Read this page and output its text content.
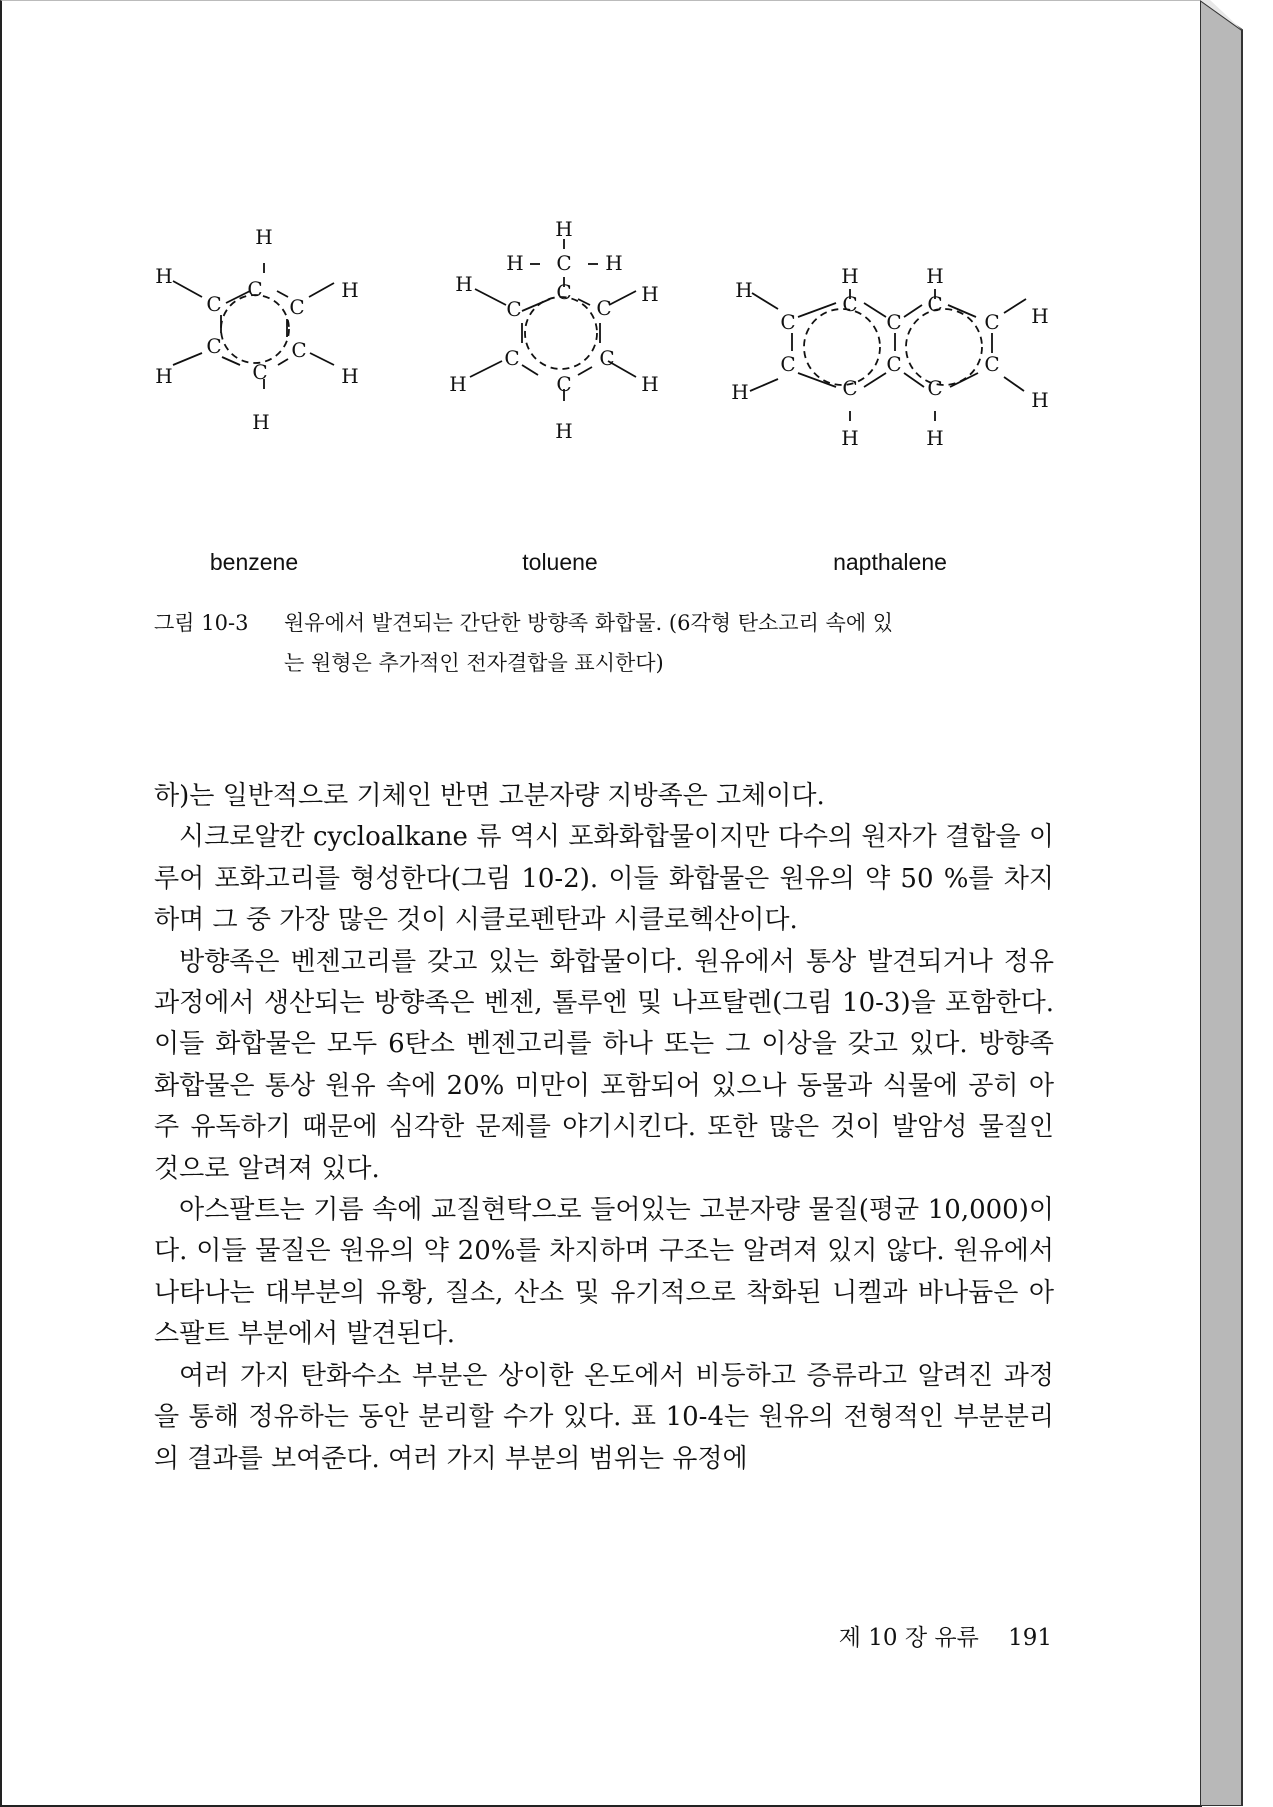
H
H
C
C	C
H
C	C
H	C	H
H
H
H C H
H	C
C	C
H
C	C
H	C	H
H
H	H
H
C	C
C	C	C H
C	C	C
H	C	C	H
H	H
benzene	toluene	napthalene
그림 10-3 원유에서 발견되는 간단한 방향족 화합물. (6각형 탄소고리 속에 있
는 원형은 추가적인 전자결합을 표시한다)

하)는 일반적으로 기체인 반면 고분자량 지방족은 고체이다.

시크로알칸 cycloalkane 류 역시 포화화합물이지만 다수의 원자가 결합을 이루어 포화고리를 형성한다(그림 10-2). 이들 화합물은 원유의 약 50 %를 차지하며 그 중 가장 많은 것이 시클로펜탄과 시클로헥산이다.

방향족은 벤젠고리를 갖고 있는 화합물이다. 원유에서 통상 발견되거나 정유과정에서 생산되는 방향족은 벤젠, 톨루엔 및 나프탈렌(그림 10-3)을 포함한다. 이들 화합물은 모두 6탄소 벤젠고리를 하나 또는 그 이상을 갖고 있다. 방향족 화합물은 통상 원유 속에 20% 미만이 포함되어 있으나 동물과 식물에 공히 아주 유독하기 때문에 심각한 문제를 야기시킨다. 또한 많은 것이 발암성 물질인 것으로 알려져 있다.

아스팔트는 기름 속에 교질현탁으로 들어있는 고분자량 물질(평균 10,000)이다. 이들 물질은 원유의 약 20%를 차지하며 구조는 알려져 있지 않다. 원유에서 나타나는 대부분의 유황, 질소, 산소 및 유기적으로 착화된 니켈과 바나듐은 아스팔트 부분에서 발견된다.

여러 가지 탄화수소 부분은 상이한 온도에서 비등하고 증류라고 알려진 과정을 통해 정유하는 동안 분리할 수가 있다. 표 10-4는 원유의 전형적인 부분분리의 결과를 보여준다. 여러 가지 부분의 범위는 유정에

제 10 장 유류 191
